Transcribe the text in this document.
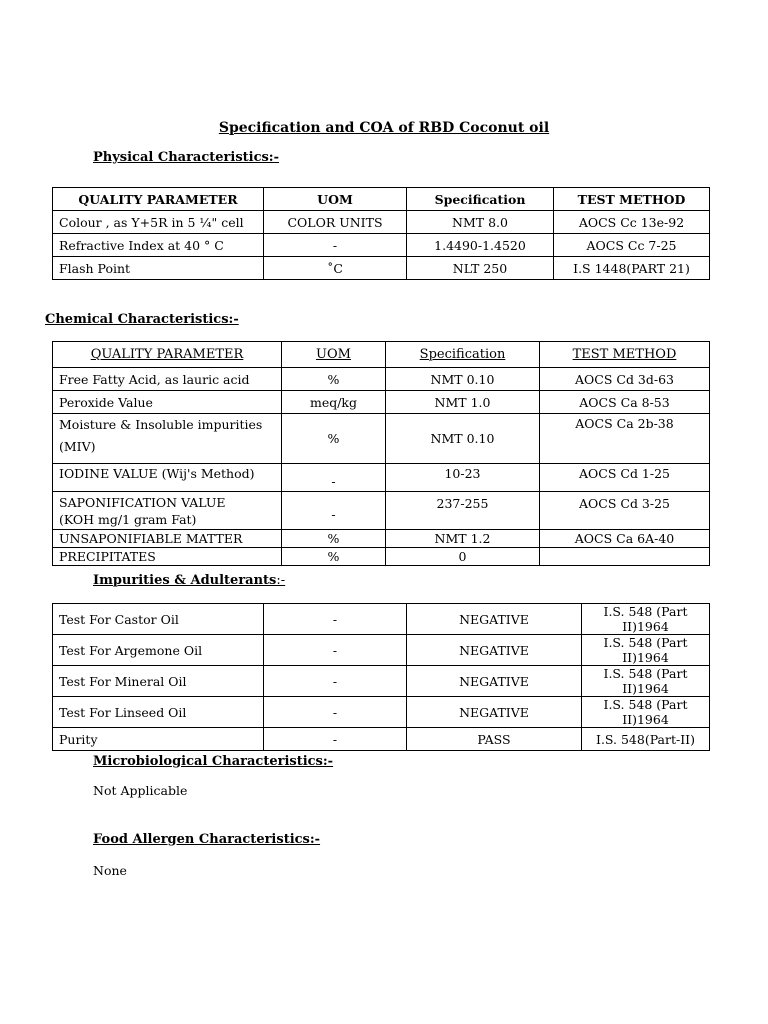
Specification and COA of RBD Coconut oil
Physical Characteristics:-
QUALITY PARAMETER	UOM	Specification	TEST METHOD
Colour , as Y+5R in 5 ¼" cell	COLOR UNITS	NMT 8.0	AOCS Cc 13e-92
Refractive Index at 40 ° C	-	1.4490-1.4520	AOCS Cc 7-25
Flash Point	˚C	NLT 250	I.S 1448(PART 21)
Chemical Characteristics:-
QUALITY PARAMETER	UOM	Specification	TEST METHOD
Free Fatty Acid, as lauric acid	%	NMT 0.10	AOCS Cd 3d-63
Peroxide Value	meq/kg	NMT 1.0	AOCS Ca 8-53

Moisture & Insoluble impurities
(MIV)	%	NMT 0.10	AOCS Ca 2b-38
IODINE VALUE (Wij's Method)	-	10-23	AOCS Cd 1-25

SAPONIFICATION VALUE
(KOH mg/1 gram Fat)	-	237-255	AOCS Cd 3-25
UNSAPONIFIABLE MATTER	%	NMT 1.2	AOCS Ca 6A-40
PRECIPITATES	%	0	
Impurities & Adulterants:-
Test For Castor Oil	-	NEGATIVE	I.S. 548 (Part II)1964
Test For Argemone Oil	-	NEGATIVE	I.S. 548 (Part II)1964
Test For Mineral Oil	-	NEGATIVE	I.S. 548 (Part II)1964
Test For Linseed Oil	-	NEGATIVE	I.S. 548 (Part II)1964
Purity	-	PASS	I.S. 548(Part-II)
Microbiological Characteristics:-
Not Applicable
Food Allergen Characteristics:-
None
